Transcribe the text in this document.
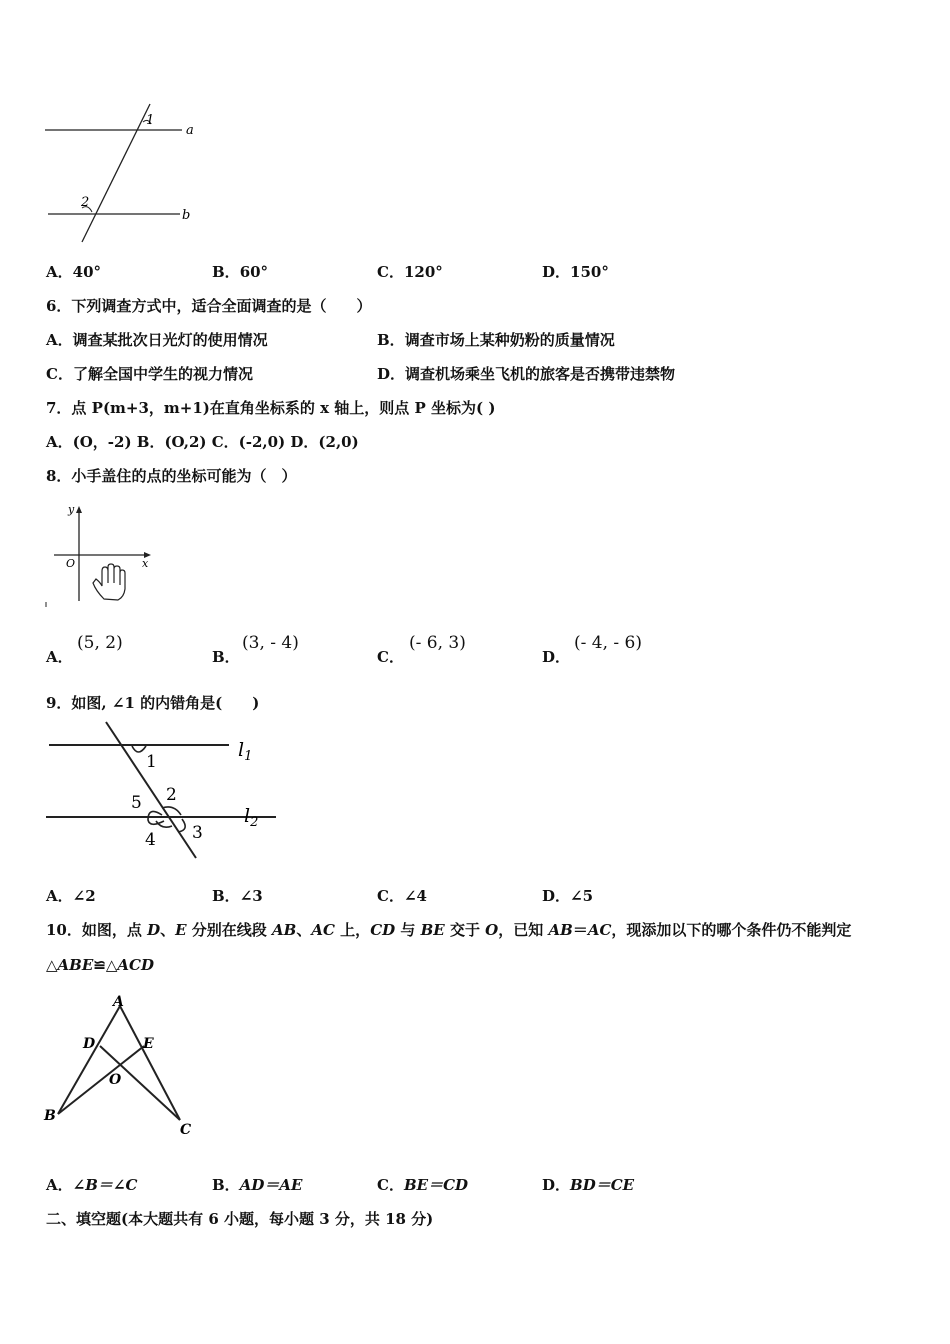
1
2
a
b
A．40°	B．60°	C．120°	D．150°
6．下列调查方式中，适合全面调查的是（　　）
A．调查某批次日光灯的使用情况	B．调查市场上某种奶粉的质量情况
C．了解全国中学生的视力情况	D．调查机场乘坐飞机的旅客是否携带违禁物
7．点 P(m+3，m+1)在直角坐标系的 x 轴上，则点 P 坐标为( )
A．(O，-2) B．(O,2) C．(-2,0) D．(2,0)
8．小手盖住的点的坐标可能为（　）
y
x
O
A．
(5, 2)
B．
(3, - 4)
C．
(- 6, 3)
D．
(- 4, - 6)
9．如图, ∠1 的内错角是(　　)
1
2
5
3
4
$l_1$
$l_2$
A．∠2	B．∠3	C．∠4	D．∠5
10．如图，点 D、E 分别在线段 AB、AC 上，CD 与 BE 交于 O，已知 AB＝AC，现添加以下的哪个条件仍不能判定
△ABE≌△ACD
A
D	E
O
B
C
A．∠B＝∠C	B．AD＝AE	C．BE＝CD	D．BD＝CE
二、填空题(本大题共有 6 小题，每小题 3 分，共 18 分)
